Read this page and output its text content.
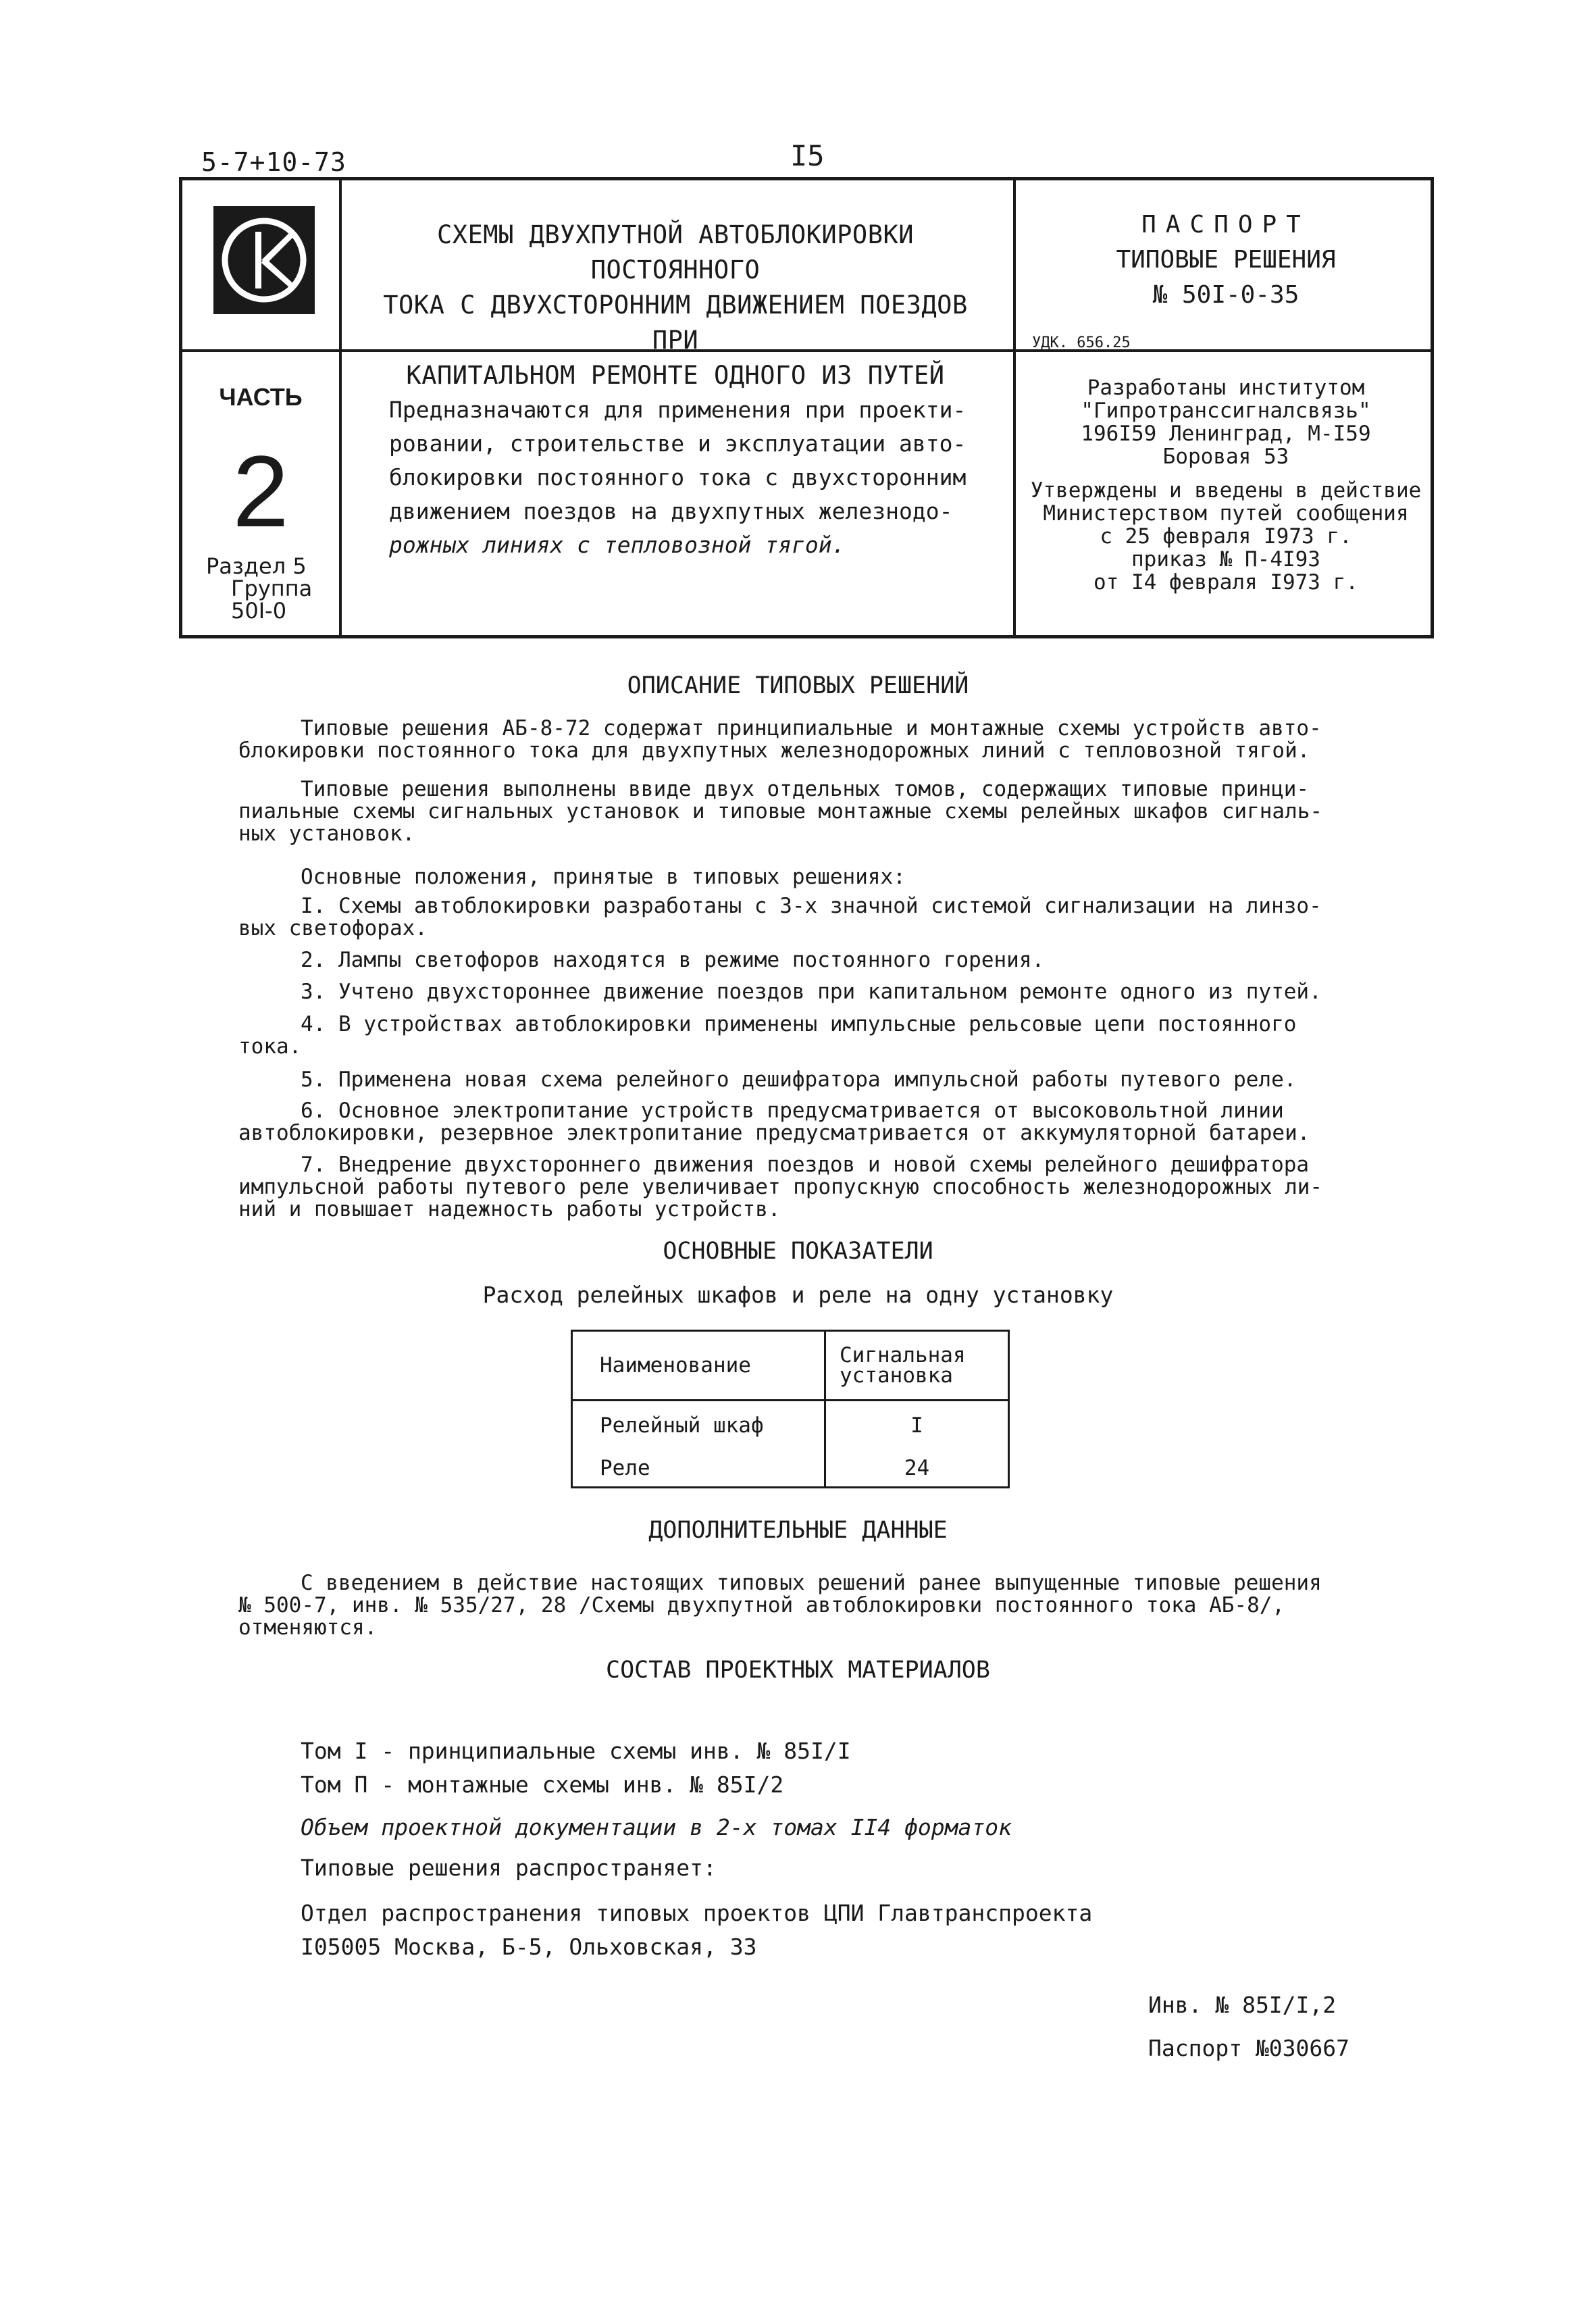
5-7+10-73	I5
СХЕМЫ ДВУХПУТНОЙ АВТОБЛОКИРОВКИ ПОСТОЯННОГО
ТОКА С ДВУХСТОРОННИМ ДВИЖЕНИЕМ ПОЕЗДОВ ПРИ
КАПИТАЛЬНОМ РЕМОНТЕ ОДНОГО ИЗ ПУТЕЙ
ПАСПОРТ
ТИПОВЫЕ РЕШЕНИЯ
№ 50I-0-35
УДК. 656.25
ЧАСТЬ
2
Раздел 5
Группа
50I-0
Предназначаются для применения при проекти-
ровании, строительстве и эксплуатации авто-
блокировки постоянного тока с двухсторонним
движением поездов на двухпутных железнодо-
рожных линиях с тепловозной тягой.
Разработаны институтом
"Гипротранссигналсвязь"
196I59 Ленинград, М-I59
Боровая 53
Утверждены и введены в действие
Министерством путей сообщения
с 25 февраля I973 г.
приказ № П-4I93
от I4 февраля I973 г.
ОПИСАНИЕ ТИПОВЫХ РЕШЕНИЙ
Типовые решения АБ-8-72 содержат принципиальные и монтажные схемы устройств авто-
блокировки постоянного тока для двухпутных железнодорожных линий с тепловозной тягой.
Типовые решения выполнены ввиде двух отдельных томов, содержащих типовые принци-
пиальные схемы сигнальных установок и типовые монтажные схемы релейных шкафов сигналь-
ных установок.
Основные положения, принятые в типовых решениях:
I. Схемы автоблокировки разработаны с 3-х значной системой сигнализации на линзо-
вых светофорах.
2. Лампы светофоров находятся в режиме постоянного горения.
3. Учтено двухстороннее движение поездов при капитальном ремонте одного из путей.
4. В устройствах автоблокировки применены импульсные рельсовые цепи постоянного
тока.
5. Применена новая схема релейного дешифратора импульсной работы путевого реле.
6. Основное электропитание устройств предусматривается от высоковольтной линии
автоблокировки, резервное электропитание предусматривается от аккумуляторной батареи.
7. Внедрение двухстороннего движения поездов и новой схемы релейного дешифратора
импульсной работы путевого реле увеличивает пропускную способность железнодорожных ли-
ний и повышает надежность работы устройств.
ОСНОВНЫЕ ПОКАЗАТЕЛИ
Расход релейных шкафов и реле на одну установку
Наименование	Сигнальная
установка

Релейный шкаф	I
Реле	24
ДОПОЛНИТЕЛЬНЫЕ ДАННЫЕ
С введением в действие настоящих типовых решений ранее выпущенные типовые решения
№ 500-7, инв. № 535/27, 28 /Схемы двухпутной автоблокировки постоянного тока АБ-8/,
отменяются.
СОСТАВ ПРОЕКТНЫХ МАТЕРИАЛОВ
Том I - принципиальные схемы инв. № 85I/I
Том П - монтажные схемы инв. № 85I/2
Объем проектной документации в 2-х томах II4 форматок
Типовые решения распространяет:
Отдел распространения типовых проектов ЦПИ Главтранспроекта
I05005 Москва, Б-5, Ольховская, 33
Инв. № 85I/I,2
Паспорт №030667
